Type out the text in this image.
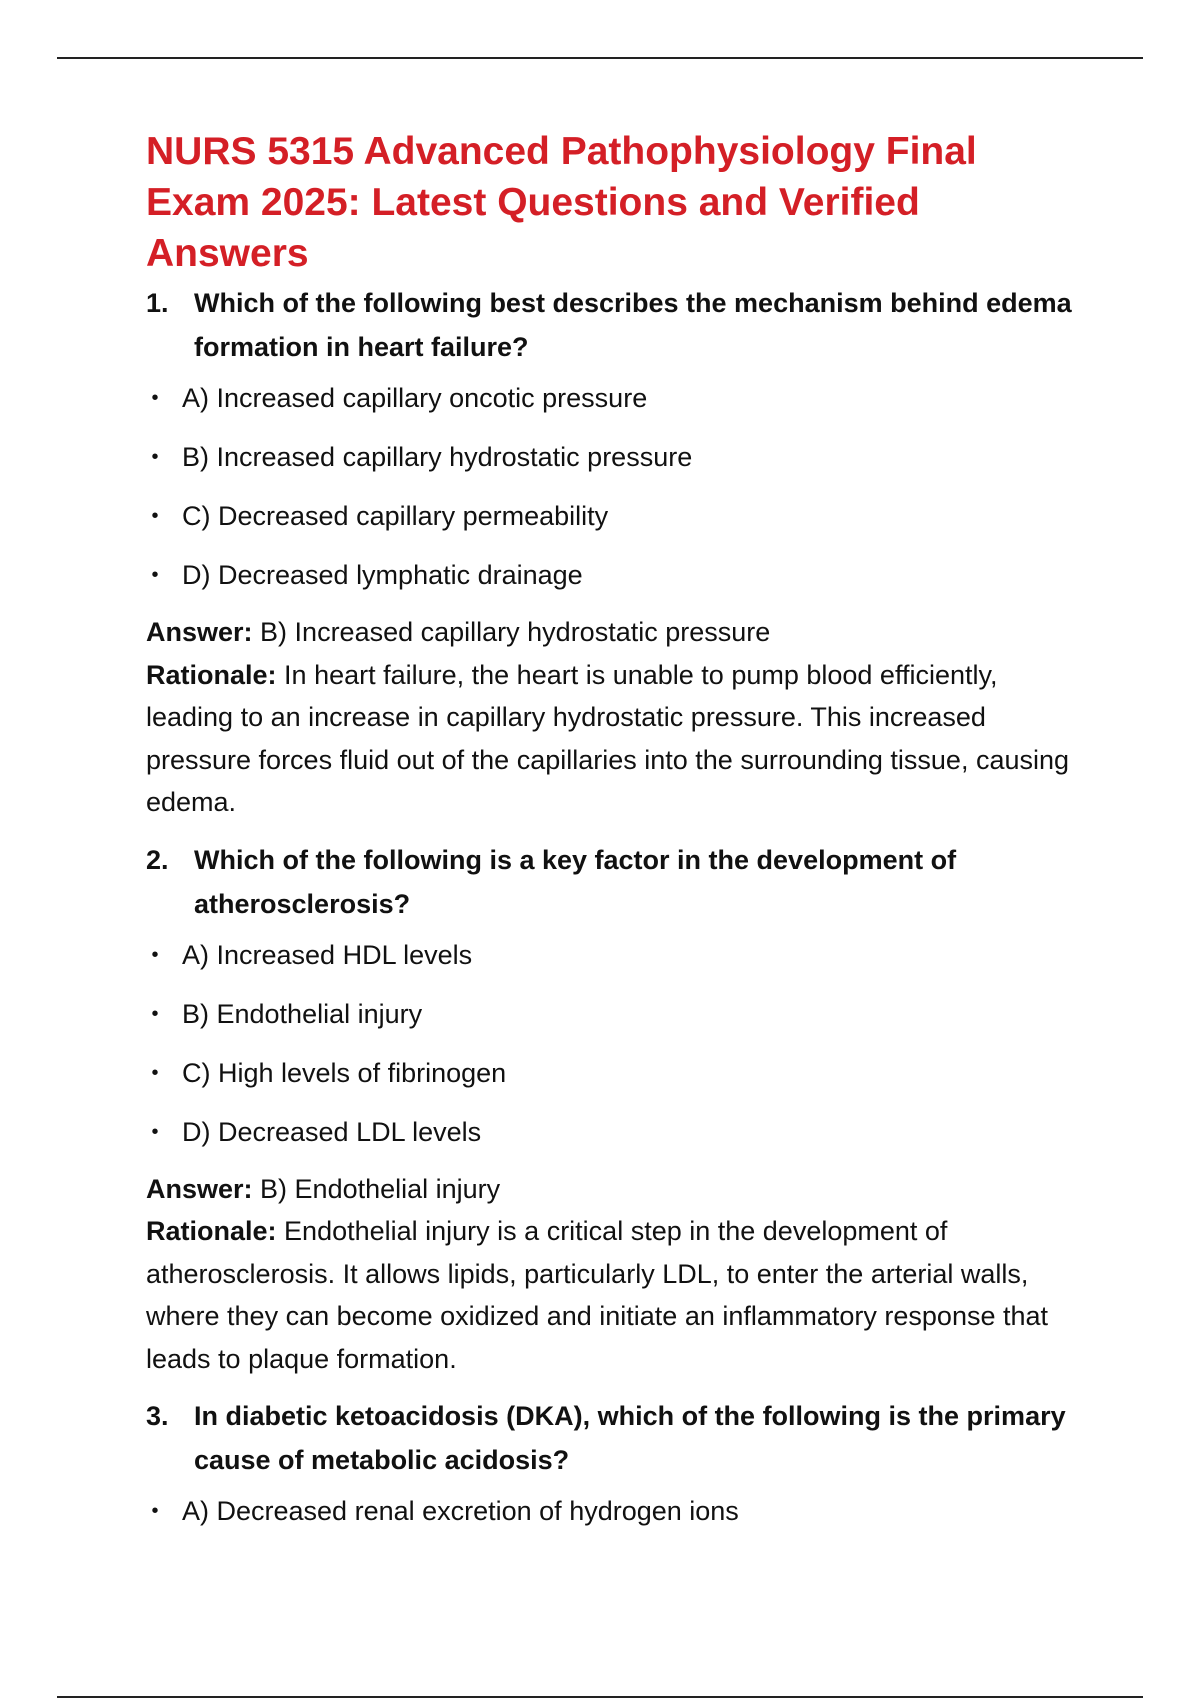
NURS 5315 Advanced Pathophysiology Final Exam 2025: Latest Questions and Verified Answers
1. Which of the following best describes the mechanism behind edema formation in heart failure?

• A) Increased capillary oncotic pressure
• B) Increased capillary hydrostatic pressure
• C) Decreased capillary permeability
• D) Decreased lymphatic drainage

Answer: B) Increased capillary hydrostatic pressure

Rationale: In heart failure, the heart is unable to pump blood efficiently, leading to an increase in capillary hydrostatic pressure. This increased pressure forces fluid out of the capillaries into the surrounding tissue, causing edema.

2. Which of the following is a key factor in the development of atherosclerosis?

• A) Increased HDL levels
• B) Endothelial injury
• C) High levels of fibrinogen
• D) Decreased LDL levels

Answer: B) Endothelial injury

Rationale: Endothelial injury is a critical step in the development of atherosclerosis. It allows lipids, particularly LDL, to enter the arterial walls, where they can become oxidized and initiate an inflammatory response that leads to plaque formation.

3. In diabetic ketoacidosis (DKA), which of the following is the primary cause of metabolic acidosis?

• A) Decreased renal excretion of hydrogen ions
